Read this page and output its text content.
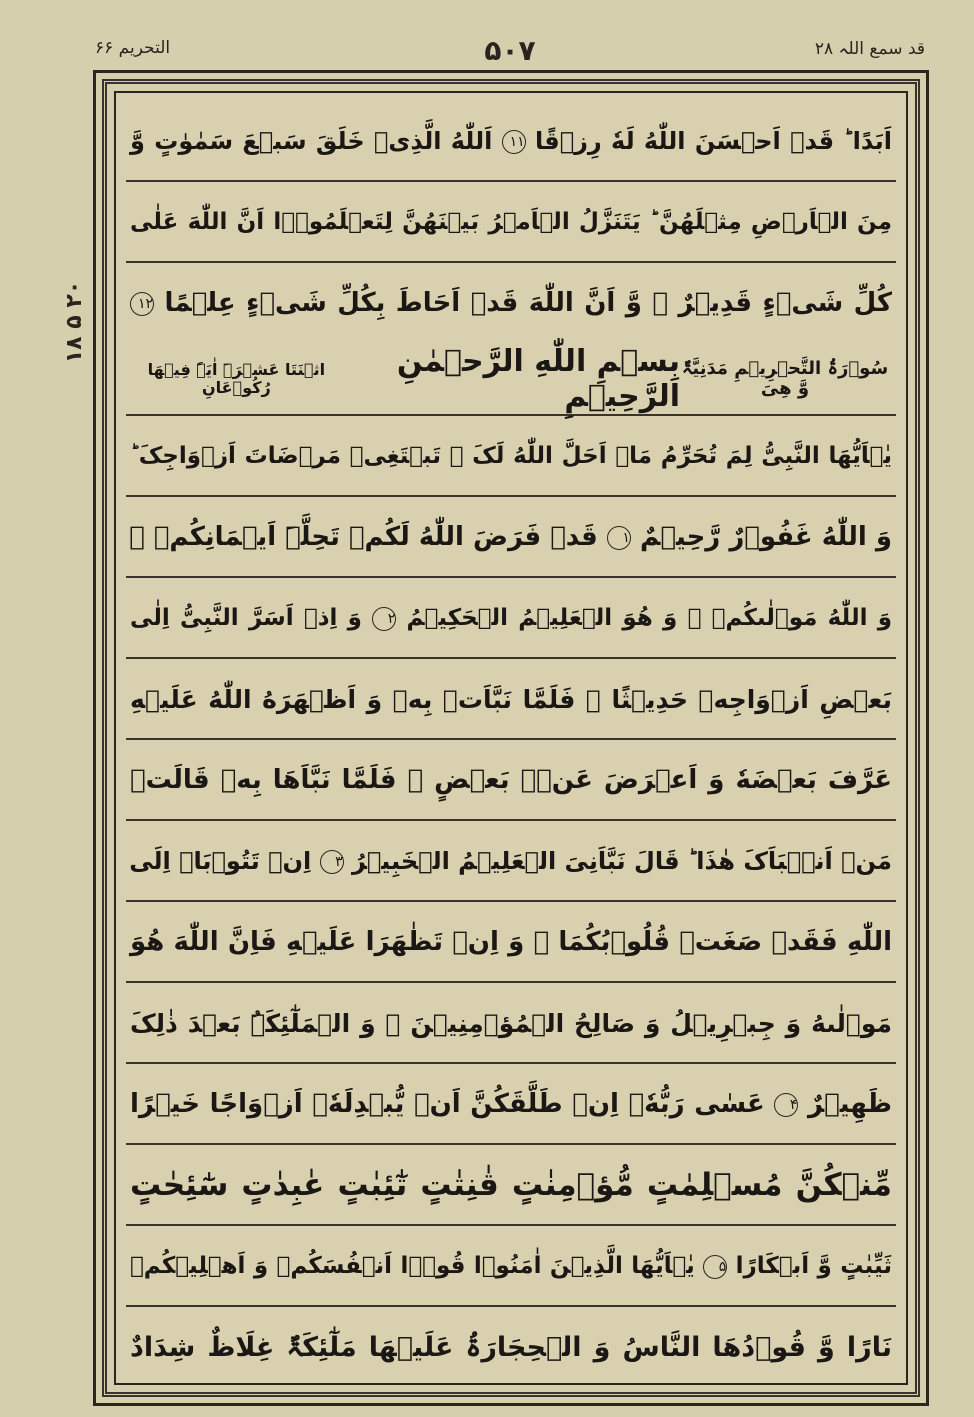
قد سمع اللہ ۲۸
۵۰۷
التحریم ۶۶
۲۰ ۵ ۱۸
اَبَدًا ؕ قَدۡ اَحۡسَنَ اللّٰهُ لَهٗ رِزۡقًا ۱۱ اَللّٰهُ الَّذِیۡ خَلَقَ سَبۡعَ سَمٰوٰتٍ وَّ
مِنَ الۡاَرۡضِ مِثۡلَهُنَّ ؕ یَتَنَزَّلُ الۡاَمۡرُ بَیۡنَهُنَّ لِتَعۡلَمُوۡۤا اَنَّ اللّٰهَ عَلٰی
کُلِّ شَیۡءٍ قَدِیۡرٌ ۙ وَّ اَنَّ اللّٰهَ قَدۡ اَحَاطَ بِکُلِّ شَیۡءٍ عِلۡمًا ۱۲
سُوۡرَۃُ التَّحۡرِیۡمِ مَدَنِیَّۃٌ وَّ هِیَ
بِسۡمِ اللّٰهِ الرَّحۡمٰنِ الرَّحِیۡمِ
اثۡنَتَا عَشۡرَۃَ اٰیَۃً فِیۡهَا رُکُوۡعَانِ
یٰۤاَیُّهَا النَّبِیُّ لِمَ تُحَرِّمُ مَاۤ اَحَلَّ اللّٰهُ لَکَ ۚ تَبۡتَغِیۡ مَرۡضَاتَ اَزۡوَاجِکَ ؕ
وَ اللّٰهُ غَفُوۡرٌ رَّحِیۡمٌ ۱ قَدۡ فَرَضَ اللّٰهُ لَکُمۡ تَحِلَّۃَ اَیۡمَانِکُمۡ ۚ
وَ اللّٰهُ مَوۡلٰىکُمۡ ۚ وَ هُوَ الۡعَلِیۡمُ الۡحَکِیۡمُ ۲ وَ اِذۡ اَسَرَّ النَّبِیُّ اِلٰی
بَعۡضِ اَزۡوَاجِهٖ حَدِیۡثًا ۚ فَلَمَّا نَبَّاَتۡ بِهٖ وَ اَظۡهَرَهُ اللّٰهُ عَلَیۡهِ
عَرَّفَ بَعۡضَهٗ وَ اَعۡرَضَ عَنۡۢ بَعۡضٍ ۚ فَلَمَّا نَبَّاَهَا بِهٖ قَالَتۡ
مَنۡ اَنۡۢبَاَکَ هٰذَا ؕ قَالَ نَبَّاَنِیَ الۡعَلِیۡمُ الۡخَبِیۡرُ ۳ اِنۡ تَتُوۡبَاۤ اِلَی
اللّٰهِ فَقَدۡ صَغَتۡ قُلُوۡبُکُمَا ۚ وَ اِنۡ تَظٰهَرَا عَلَیۡهِ فَاِنَّ اللّٰهَ هُوَ
مَوۡلٰىهُ وَ جِبۡرِیۡلُ وَ صَالِحُ الۡمُؤۡمِنِیۡنَ ۚ وَ الۡمَلٰٓئِکَۃُ بَعۡدَ ذٰلِکَ
ظَهِیۡرٌ ۴ عَسٰی رَبُّهٗۤ اِنۡ طَلَّقَکُنَّ اَنۡ یُّبۡدِلَهٗۤ اَزۡوَاجًا خَیۡرًا
مِّنۡکُنَّ مُسۡلِمٰتٍ مُّؤۡمِنٰتٍ قٰنِتٰتٍ تٰٓئِبٰتٍ عٰبِدٰتٍ سٰٓئِحٰتٍ
ثَیِّبٰتٍ وَّ اَبۡکَارًا ۵ یٰۤاَیُّهَا الَّذِیۡنَ اٰمَنُوۡا قُوۡۤا اَنۡفُسَکُمۡ وَ اَهۡلِیۡکُمۡ
نَارًا وَّ قُوۡدُهَا النَّاسُ وَ الۡحِجَارَۃُ عَلَیۡهَا مَلٰٓئِکَۃٌ غِلَاظٌ شِدَادٌ
